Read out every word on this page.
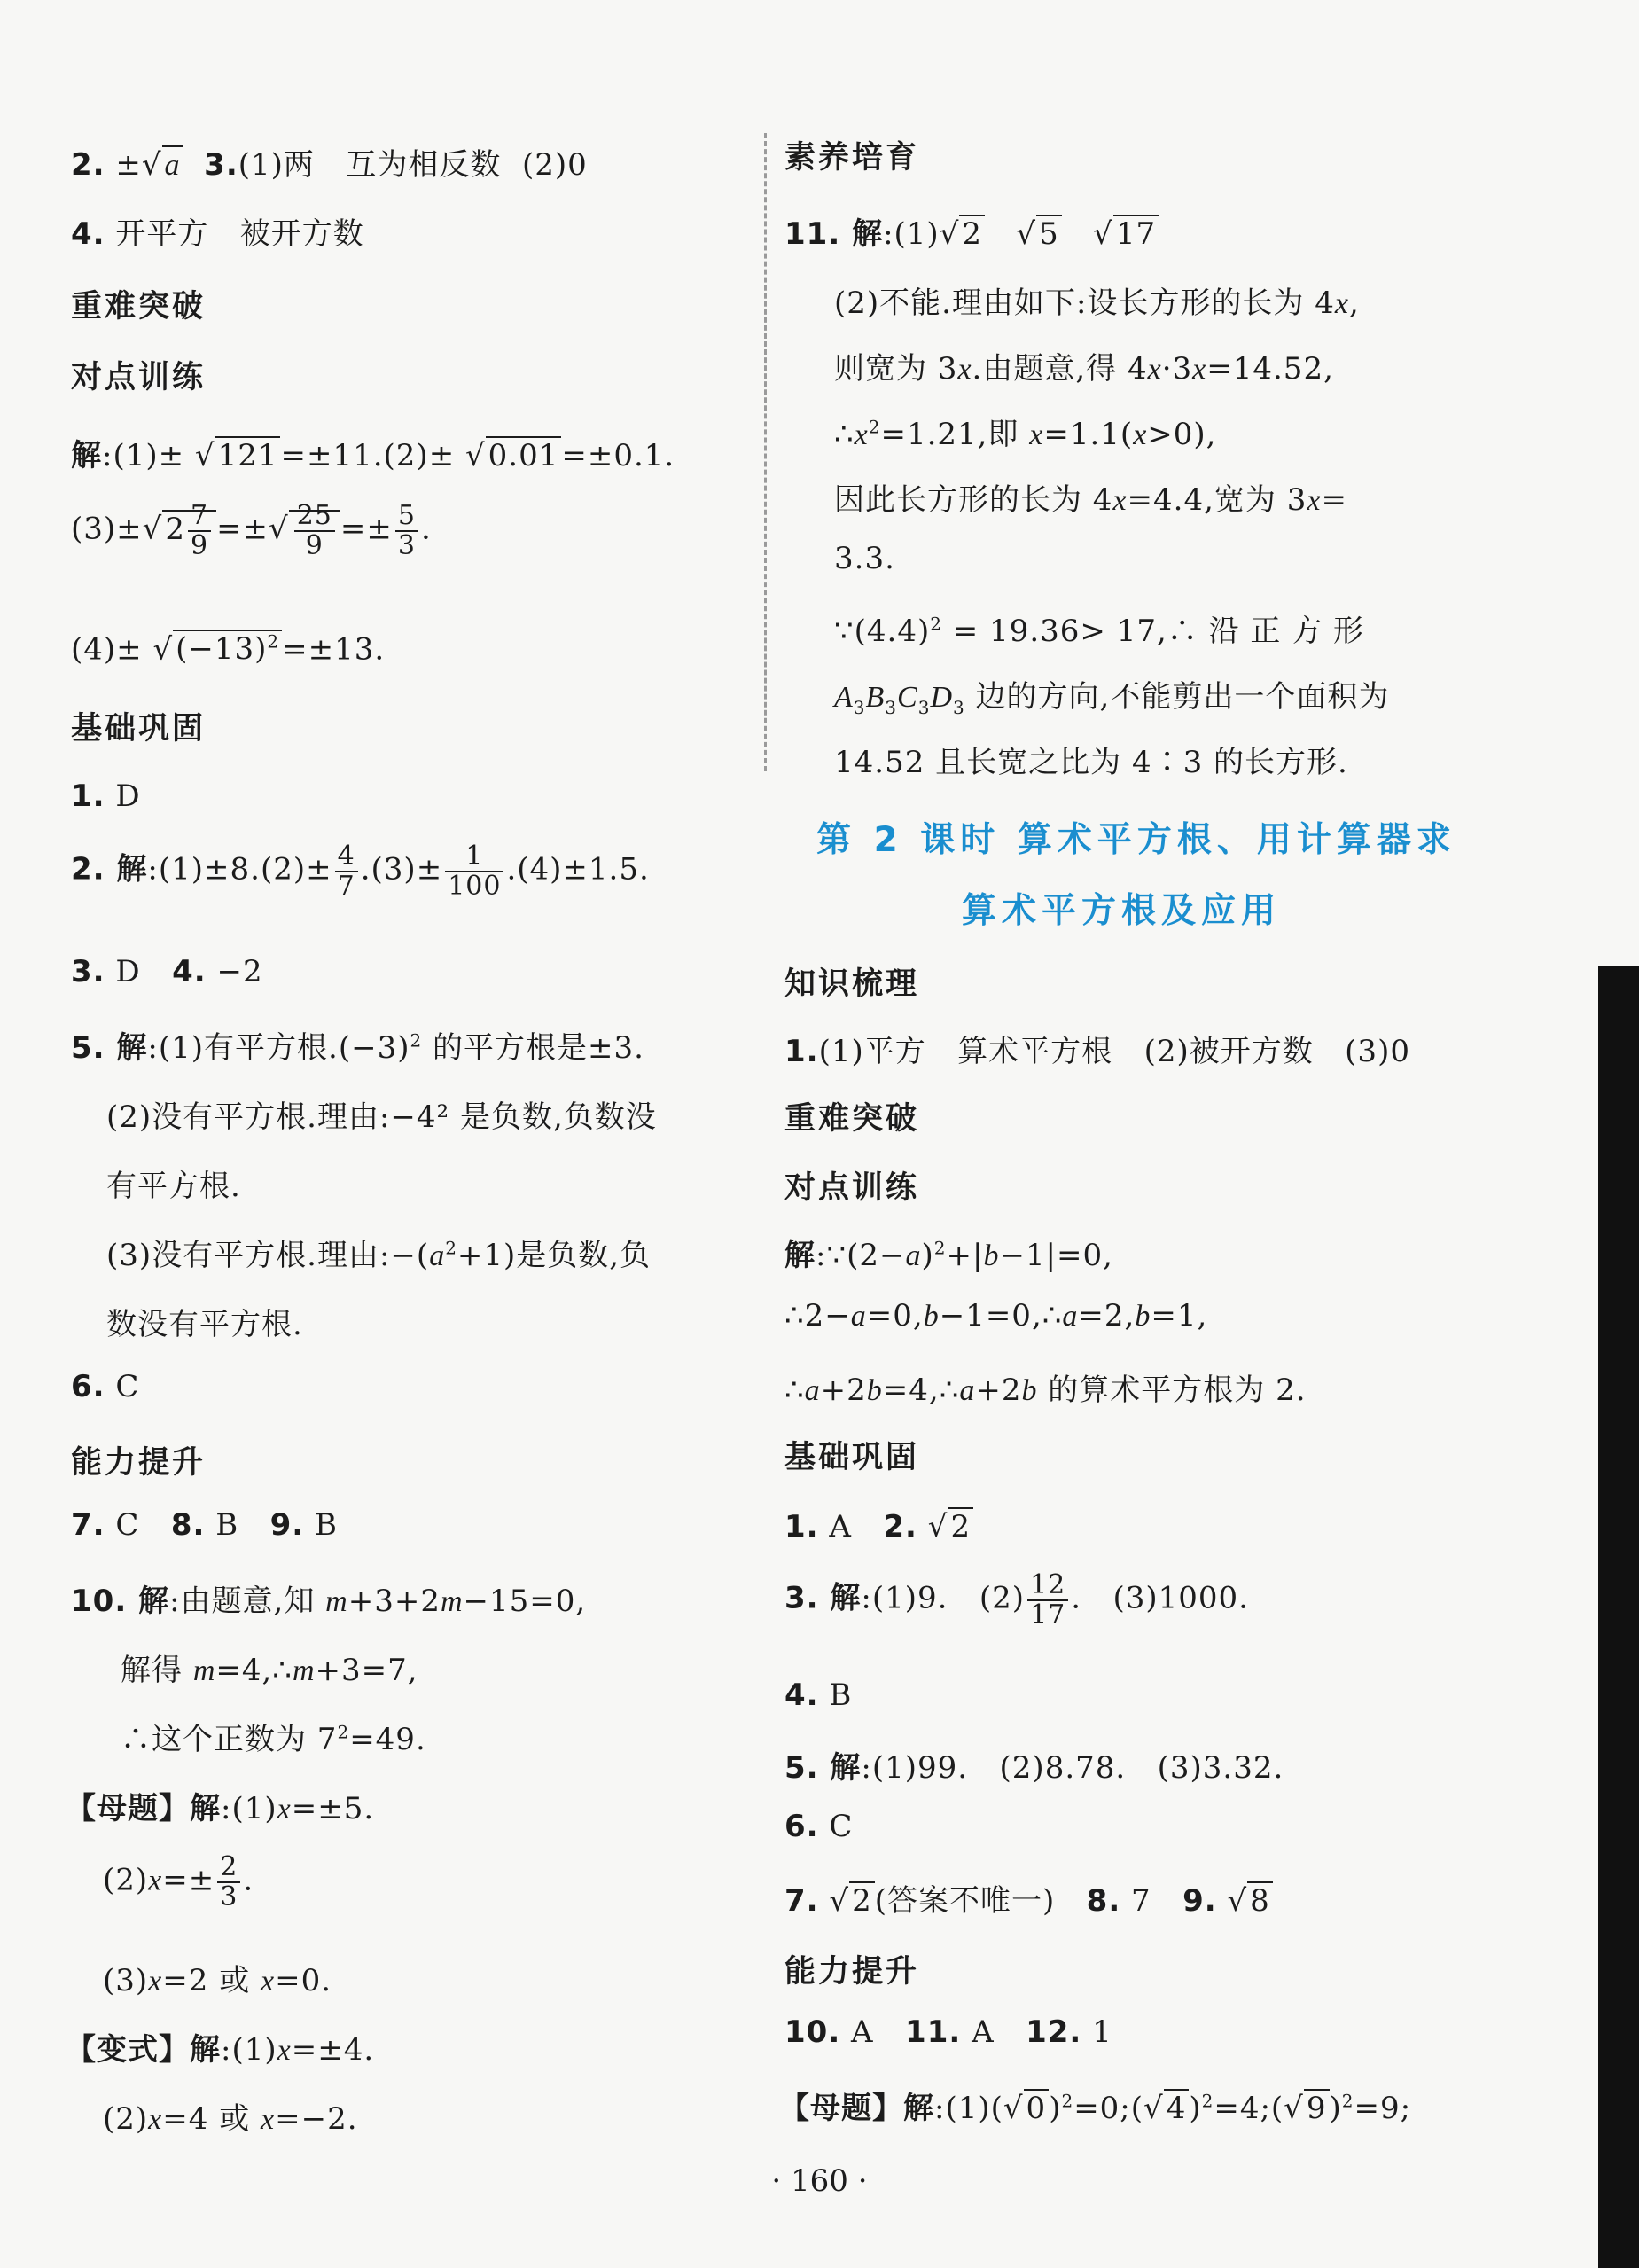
2. ±√a 3.(1)两   互为相反数  (2)0
4. 开平方   被开方数
重难突破
对点训练
解:(1)± √121=±11.(2)± √0.01=±0.1.
$(3)\pm√2 \frac{7}{9}$ =±√ $\frac{25}{9} =\pm \frac{5}{3}$ .
$(4)\pm √(-13)^2=\pm 13$.
基础巩固
1. D
2. 解:(1)±8.(2)± $\frac{4}{7} .(3)\pm \frac{1}{100} .(4)\pm 1.5$.
3. D   4. −2
5. 解:(1)有平方根$.(-3)^2$ 的平方根是±3.
(2)没有平方根.理由:−4² 是负数,负数没
有平方根.
(3)没有平方根.理由$:-(a^2+1)$是负数,负
数没有平方根.
6. C
能力提升
7. C   8. B   9. B
10. 解:由题意,知 m+3+2m−15=0,
解得 m=4,∴m+3=7,
∴这个正数为 $7^2=49$.
【母题】解:(1)x=±5.
$(2)x=\pm \frac{2}{3}$ .
(3)x=2 或 x=0.
【变式】解:(1)x=±4.
(2)x=4 或 x=−2.
素养培育
11. 解:(1)√2   √5   √17
(2)不能.理由如下:设长方形的长为 4x,
则宽为 3x.由题意,得 4x·3x=14.52,
$\therefore x^2=1.21$,即 x=1.1(x>0),
因此长方形的长为 4x=4.4,宽为 3x=
3.3.
$\because(4.4)^2 = 19.36>$ 17,∴ 沿 正 方 形
$A_3B_3C_3D_3$ 边的方向,不能剪出一个面积为
14.52 且长宽之比为 4∶3 的长方形.
第 2 课时 算术平方根、用计算器求
算术平方根及应用
知识梳理
1.(1)平方   算术平方根   (2)被开方数   (3)0
重难突破
对点训练
解$:\because(2-a)^2+|b-1|=0$,
∴2−a=0,b−1=0,∴a=2,b=1,
∴a+2b=4,∴a+2b 的算术平方根为 2.
基础巩固
1. A   2. √2
3. 解:(1)9.   $(2) \frac{12}{17}$ .   (3)1000.
4. B
5. 解:(1)99.   (2)8.78.   (3)3.32.
6. C
7. √2(答案不唯一)   8. 7   9. √8
能力提升
10. A   11. A   12. 1
【母题】解$:(1)(√0)^2=0;(√4)^2=4;(√9)^2=9$;
· 160 ·
